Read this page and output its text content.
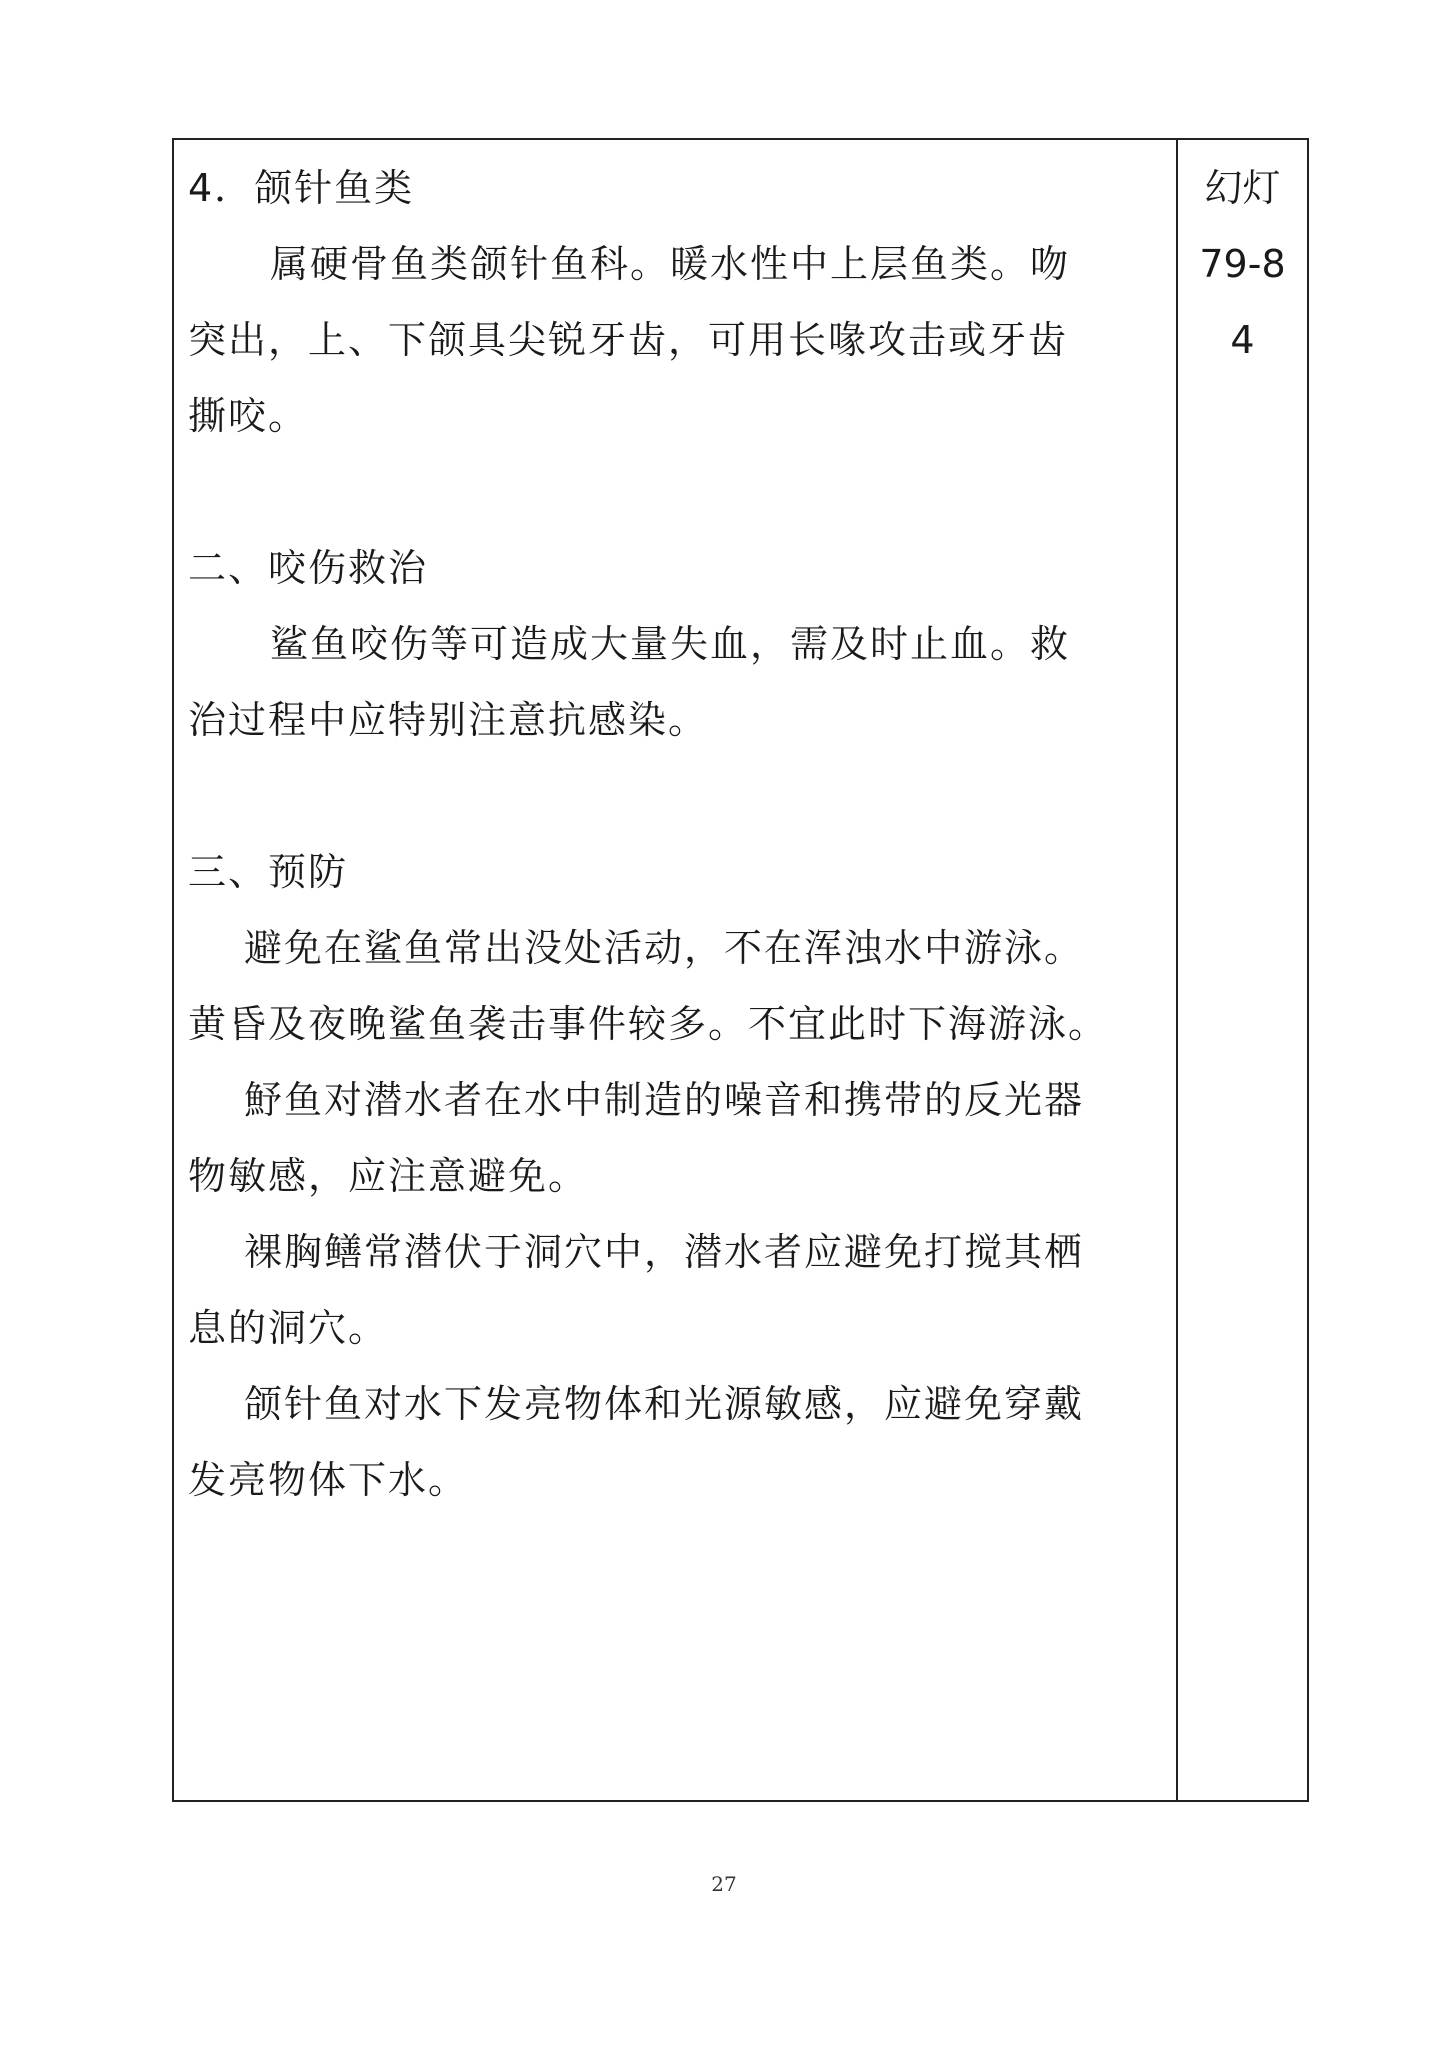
4．颌针鱼类
属硬骨鱼类颌针鱼科。暖水性中上层鱼类。吻
突出，上、下颌具尖锐牙齿，可用长喙攻击或牙齿
撕咬。
二、咬伤救治
鲨鱼咬伤等可造成大量失血，需及时止血。救
治过程中应特别注意抗感染。
三、预防
避免在鲨鱼常出没处活动，不在浑浊水中游泳。
黄昏及夜晚鲨鱼袭击事件较多。不宜此时下海游泳。
魣鱼对潜水者在水中制造的噪音和携带的反光器
物敏感，应注意避免。
裸胸鳝常潜伏于洞穴中，潜水者应避免打搅其栖
息的洞穴。
颌针鱼对水下发亮物体和光源敏感，应避免穿戴
发亮物体下水。
幻灯
79-8
4
27
